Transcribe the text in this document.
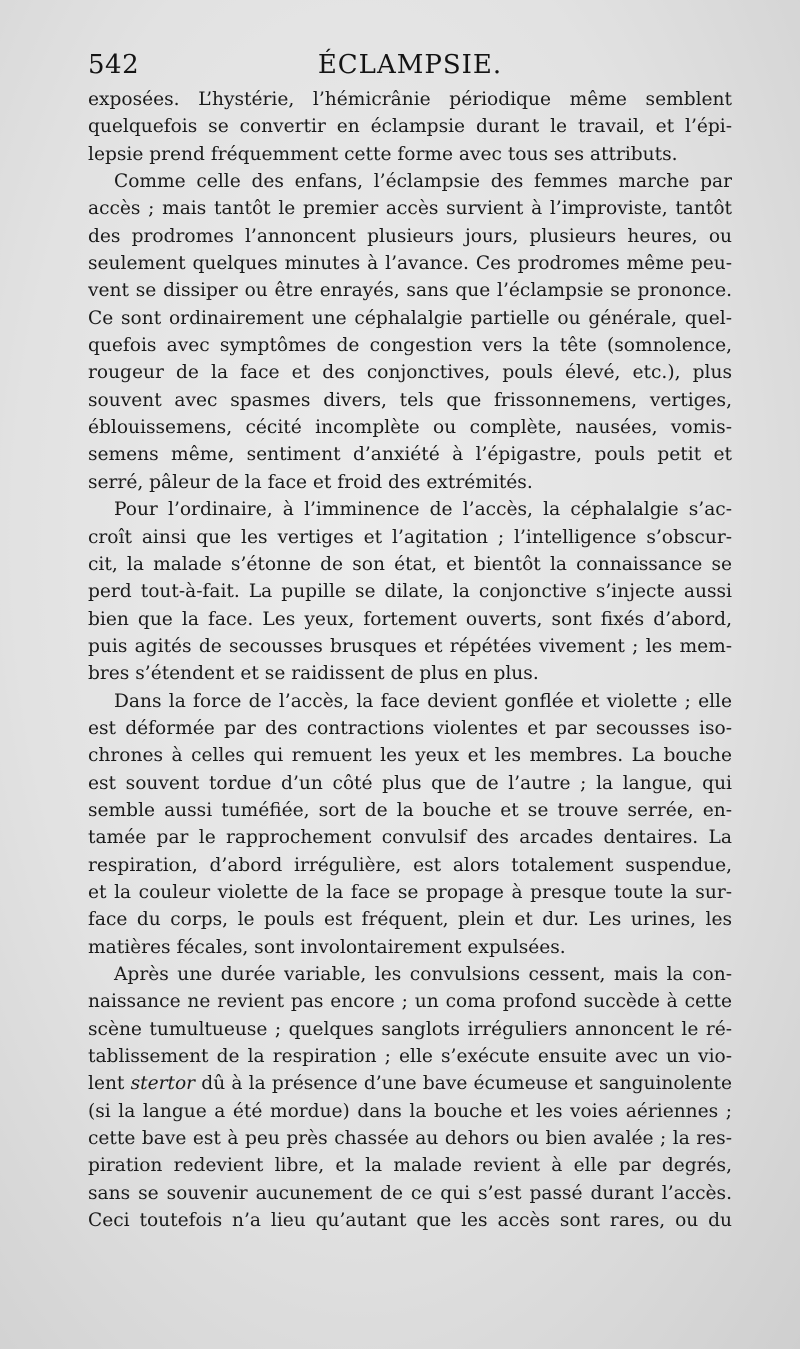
542	ÉCLAMPSIE.
exposées. L’hystérie, l’hémicrânie périodique même semblent
quelquefois se convertir en éclampsie durant le travail, et l’épi-
lepsie prend fréquemment cette forme avec tous ses attributs.
Comme celle des enfans, l’éclampsie des femmes marche par
accès ; mais tantôt le premier accès survient à l’improviste, tantôt
des prodromes l’annoncent plusieurs jours, plusieurs heures, ou
seulement quelques minutes à l’avance. Ces prodromes même peu-
vent se dissiper ou être enrayés, sans que l’éclampsie se prononce.
Ce sont ordinairement une céphalalgie partielle ou générale, quel-
quefois avec symptômes de congestion vers la tête (somnolence,
rougeur de la face et des conjonctives, pouls élevé, etc.), plus
souvent avec spasmes divers, tels que frissonnemens, vertiges,
éblouissemens, cécité incomplète ou complète, nausées, vomis-
semens même, sentiment d’anxiété à l’épigastre, pouls petit et
serré, pâleur de la face et froid des extrémités.
Pour l’ordinaire, à l’imminence de l’accès, la céphalalgie s’ac-
croît ainsi que les vertiges et l’agitation ; l’intelligence s’obscur-
cit, la malade s’étonne de son état, et bientôt la connaissance se
perd tout-à-fait. La pupille se dilate, la conjonctive s’injecte aussi
bien que la face. Les yeux, fortement ouverts, sont fixés d’abord,
puis agités de secousses brusques et répétées vivement ; les mem-
bres s’étendent et se raidissent de plus en plus.
Dans la force de l’accès, la face devient gonflée et violette ; elle
est déformée par des contractions violentes et par secousses iso-
chrones à celles qui remuent les yeux et les membres. La bouche
est souvent tordue d’un côté plus que de l’autre ; la langue, qui
semble aussi tuméfiée, sort de la bouche et se trouve serrée, en-
tamée par le rapprochement convulsif des arcades dentaires. La
respiration, d’abord irrégulière, est alors totalement suspendue,
et la couleur violette de la face se propage à presque toute la sur-
face du corps, le pouls est fréquent, plein et dur. Les urines, les
matières fécales, sont involontairement expulsées.
Après une durée variable, les convulsions cessent, mais la con-
naissance ne revient pas encore ; un coma profond succède à cette
scène tumultueuse ; quelques sanglots irréguliers annoncent le ré-
tablissement de la respiration ; elle s’exécute ensuite avec un vio-
lent stertor dû à la présence d’une bave écumeuse et sanguinolente
(si la langue a été mordue) dans la bouche et les voies aériennes ;
cette bave est à peu près chassée au dehors ou bien avalée ; la res-
piration redevient libre, et la malade revient à elle par degrés,
sans se souvenir aucunement de ce qui s’est passé durant l’accès.
Ceci toutefois n’a lieu qu’autant que les accès sont rares, ou du
